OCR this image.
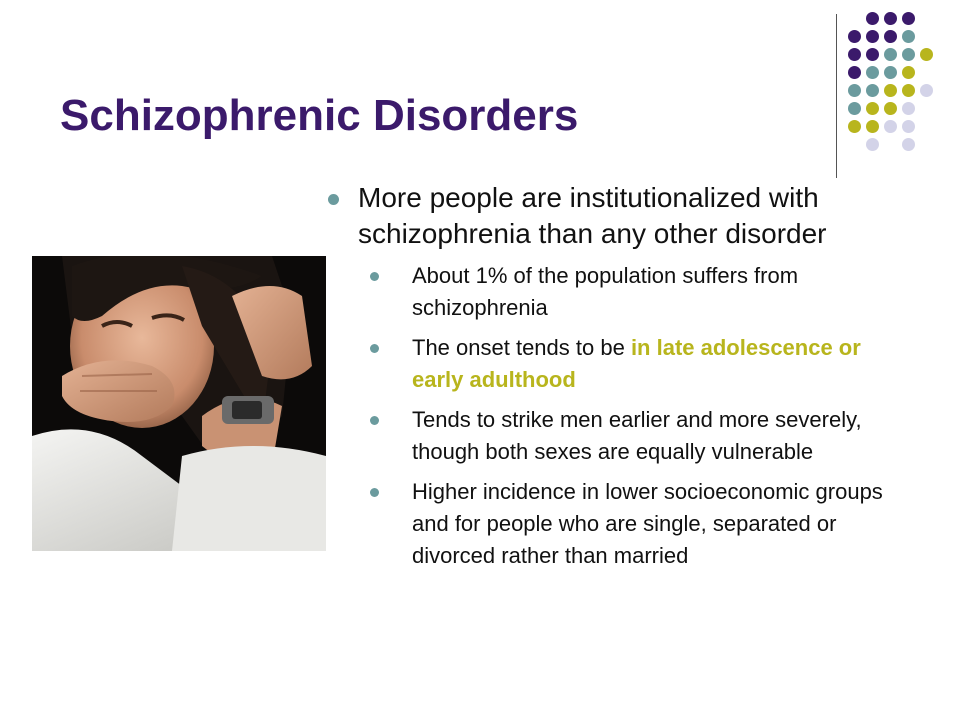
Schizophrenic Disorders
More people are institutionalized with schizophrenia than any other disorder
About 1% of the population suffers from schizophrenia
The onset tends to be in late adolescence or early adulthood
Tends to strike men earlier and more severely, though both sexes are equally vulnerable
Higher incidence in lower socioeconomic groups and for people who are single, separated or divorced rather than married
